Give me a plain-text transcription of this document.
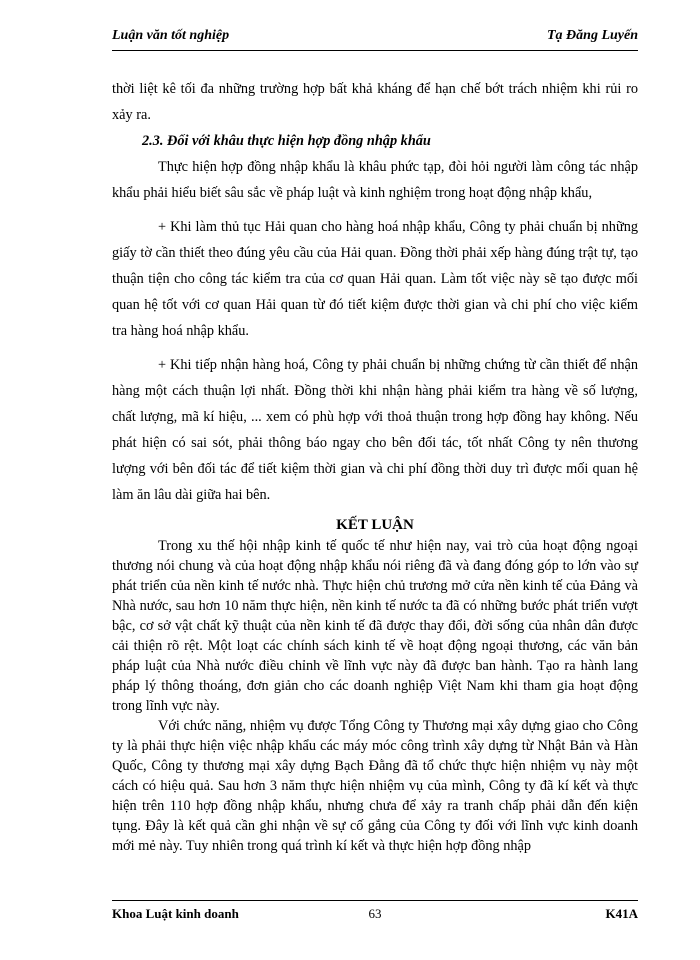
Luận văn tốt nghiệp	Tạ Đăng Luyến

thời liệt kê tối đa những trường hợp bất khả kháng để hạn chế bớt trách nhiệm khi rủi ro xảy ra.

2.3. Đối với khâu thực hiện hợp đồng nhập khẩu

Thực hiện hợp đồng nhập khẩu là khâu phức tạp, đòi hỏi người làm công tác nhập khẩu phải hiểu biết sâu sắc về pháp luật và kinh nghiệm trong hoạt động nhập khẩu,

+ Khi làm thủ tục Hải quan cho hàng hoá nhập khẩu, Công ty phải chuẩn bị những giấy tờ cần thiết theo đúng yêu cầu của Hải quan. Đồng thời phải xếp hàng đúng trật tự, tạo thuận tiện cho công tác kiểm tra của cơ quan Hải quan. Làm tốt việc này sẽ tạo được mối quan hệ tốt với cơ quan Hải quan từ đó tiết kiệm được thời gian và chi phí cho việc kiểm tra hàng hoá nhập khẩu.

+ Khi tiếp nhận hàng hoá, Công ty phải chuẩn bị những chứng từ cần thiết để nhận hàng một cách thuận lợi nhất. Đồng thời khi nhận hàng phải kiểm tra hàng về số lượng, chất lượng, mã kí hiệu, ... xem có phù hợp với thoả thuận trong hợp đồng hay không. Nếu phát hiện có sai sót, phải thông báo ngay cho bên đối tác, tốt nhất Công ty nên thương lượng với bên đối tác để tiết kiệm thời gian và chi phí đồng thời duy trì được mối quan hệ làm ăn lâu dài giữa hai bên.

KẾT LUẬN

Trong xu thế hội nhập kinh tế quốc tế như hiện nay, vai trò của hoạt động ngoại thương nói chung và của hoạt động nhập khẩu nói riêng đã và đang đóng góp to lớn vào sự phát triển của nền kinh tế nước nhà. Thực hiện chủ trương mở cửa nền kinh tế của Đảng và Nhà nước, sau hơn 10 năm thực hiện, nền kinh tế nước ta đã có những bước phát triển vượt bậc, cơ sở vật chất kỹ thuật của nền kinh tế đã được thay đổi, đời sống của nhân dân được cải thiện rõ rệt. Một loạt các chính sách kinh tế về hoạt động ngoại thương, các văn bản pháp luật của Nhà nước điều chỉnh về lĩnh vực này đã được ban hành. Tạo ra hành lang pháp lý thông thoáng, đơn giản cho các doanh nghiệp Việt Nam khi tham gia hoạt động trong lĩnh vực này.

Với chức năng, nhiệm vụ được Tổng Công ty Thương mại xây dựng giao cho Công ty là phải thực hiện việc nhập khẩu các máy móc công trình xây dựng từ Nhật Bản và Hàn Quốc, Công ty thương mại xây dựng Bạch Đằng đã tổ chức thực hiện nhiệm vụ này một cách có hiệu quả. Sau hơn 3 năm thực hiện nhiệm vụ của mình, Công ty đã kí kết và thực hiện trên 110 hợp đồng nhập khẩu, nhưng chưa để xảy ra tranh chấp phải dẫn đến kiện tụng. Đây là kết quả cần ghi nhận về sự cố gắng của Công ty đối với lĩnh vực kinh doanh mới mẻ này. Tuy nhiên trong quá trình kí kết và thực hiện hợp đồng nhập

Khoa Luật kinh doanh	63	K41A
